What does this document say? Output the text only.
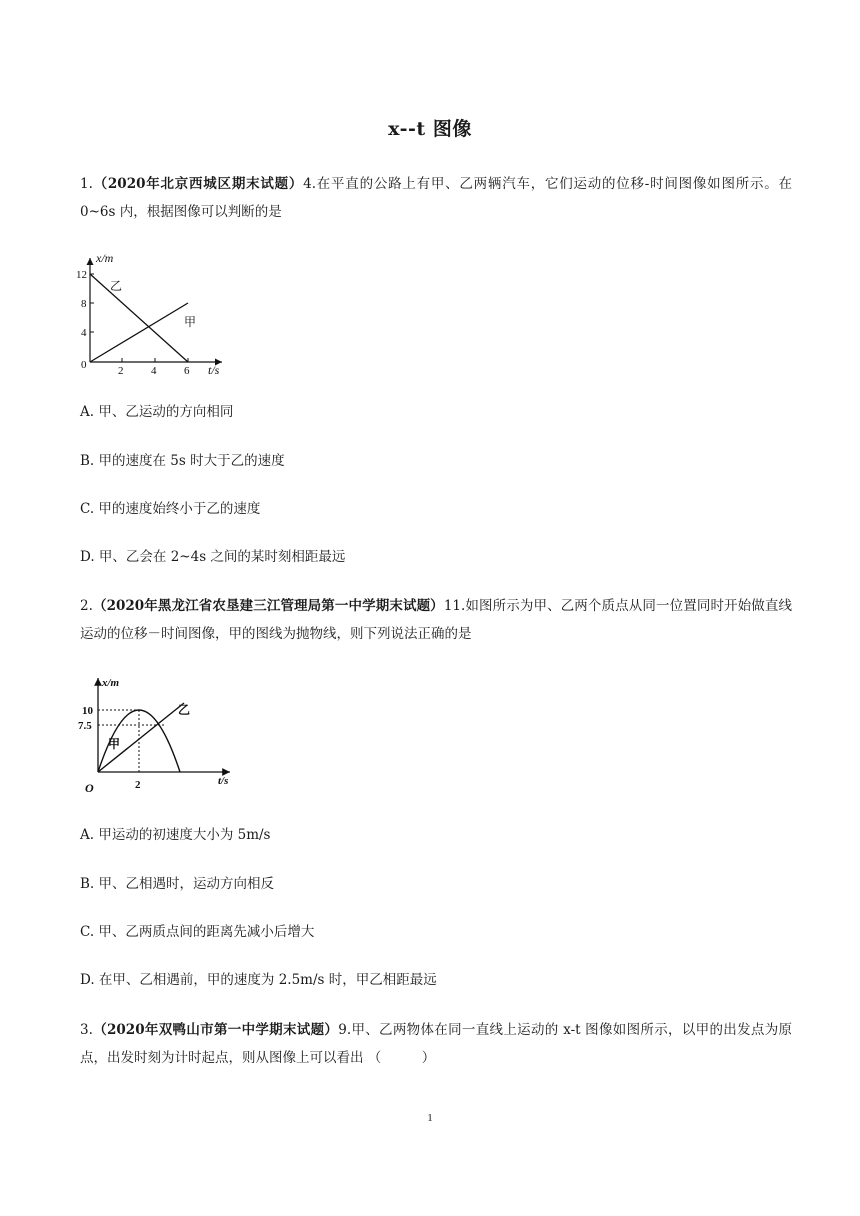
x--t 图像
1.（2020年北京西城区期末试题）4.在平直的公路上有甲、乙两辆汽车，它们运动的位移-时间图像如图所示。在 0~6s 内，根据图像可以判断的是
x/m
t/s
0	2	4	6
4
8
12
乙
甲
A. 甲、乙运动的方向相同
B. 甲的速度在 5s 时大于乙的速度
C. 甲的速度始终小于乙的速度
D. 甲、乙会在 2~4s 之间的某时刻相距最远
2.（2020年黑龙江省农垦建三江管理局第一中学期末试题）11.如图所示为甲、乙两个质点从同一位置同时开始做直线运动的位移－时间图像，甲的图线为抛物线，则下列说法正确的是
x/m
t/s
O	2
10
7.5
甲
乙
A. 甲运动的初速度大小为 5m/s
B. 甲、乙相遇时，运动方向相反
C. 甲、乙两质点间的距离先减小后增大
D. 在甲、乙相遇前，甲的速度为 2.5m/s 时，甲乙相距最远
3.（2020年双鸭山市第一中学期末试题）9.甲、乙两物体在同一直线上运动的 x-t 图像如图所示，以甲的出发点为原点，出发时刻为计时起点，则从图像上可以看出 （　　　）
1
